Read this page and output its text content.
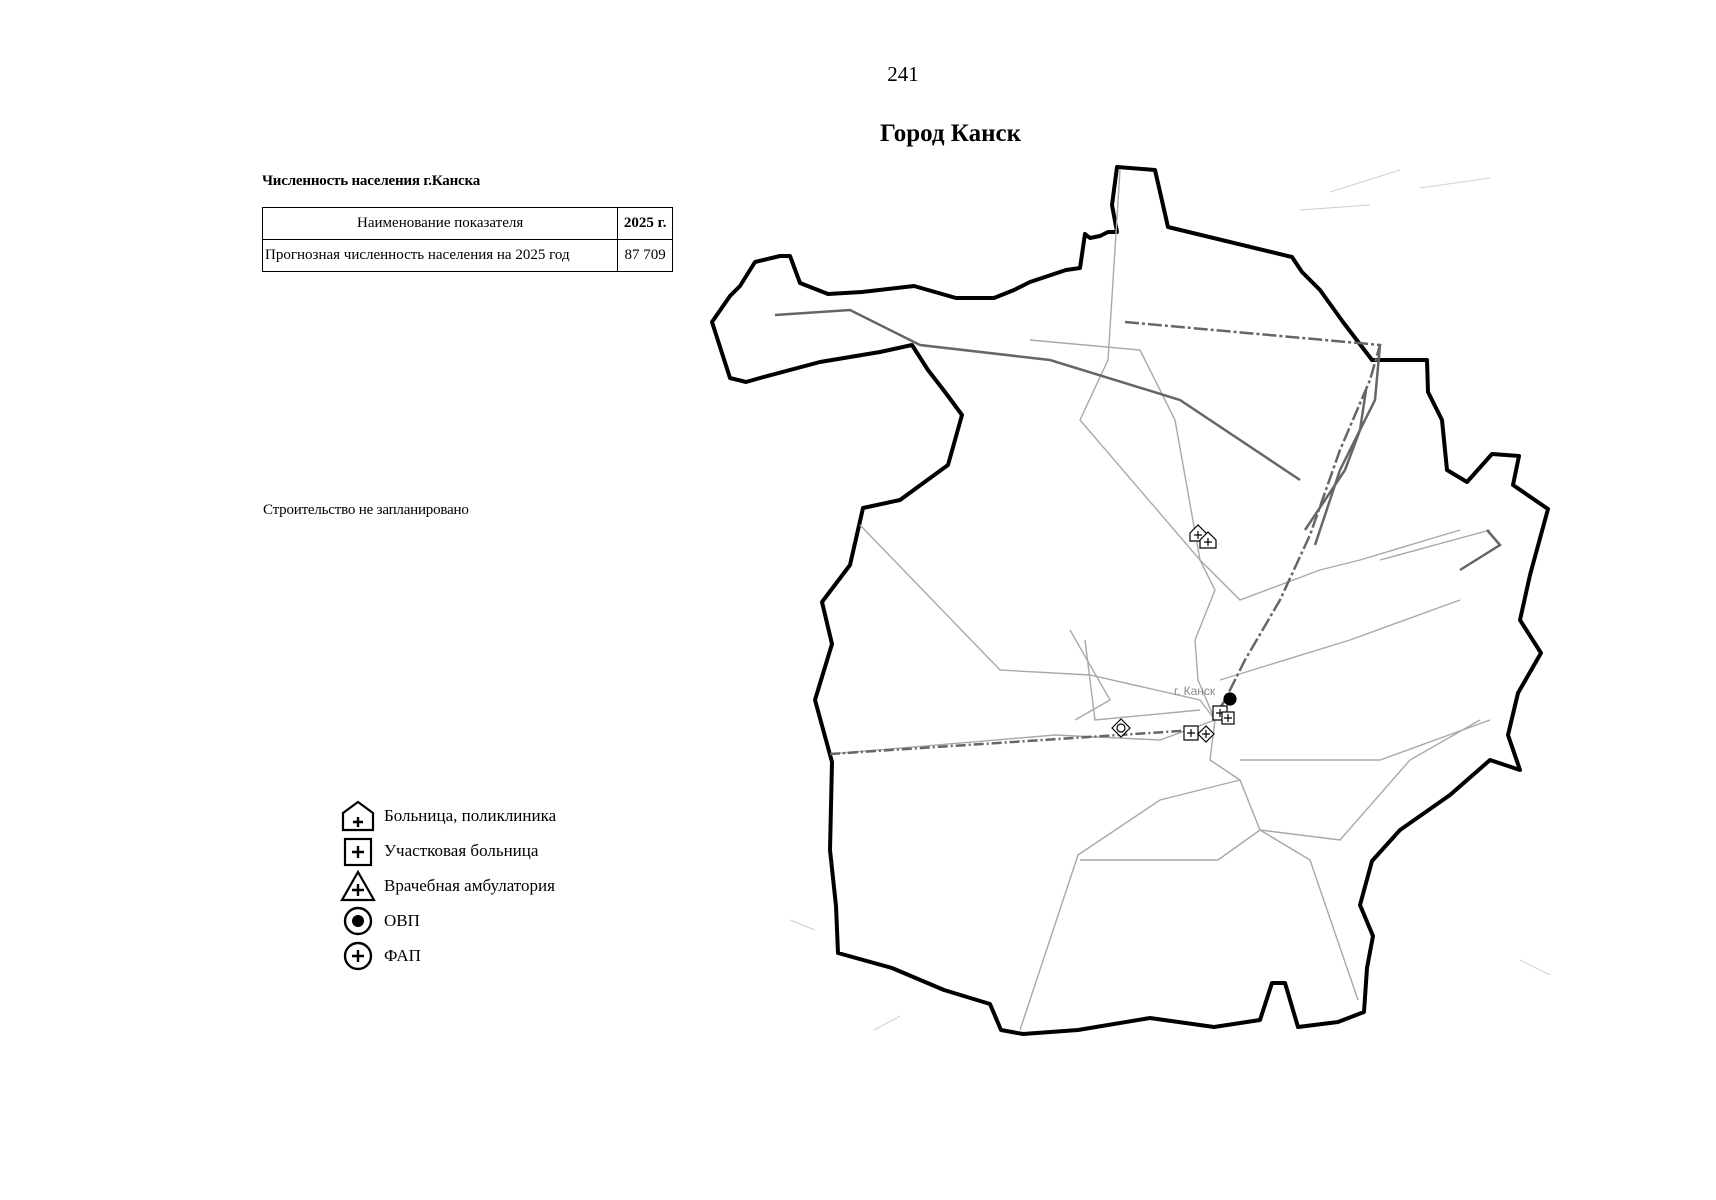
241
Город Канск
Численность населения г.Канска
Наименование показателя	2025 г.
Прогнозная численность населения на 2025 год	87 709
Строительство не запланировано
г. Канск
Больница, поликлиника
Участковая больница
Врачебная амбулатория
ОВП
ФАП
